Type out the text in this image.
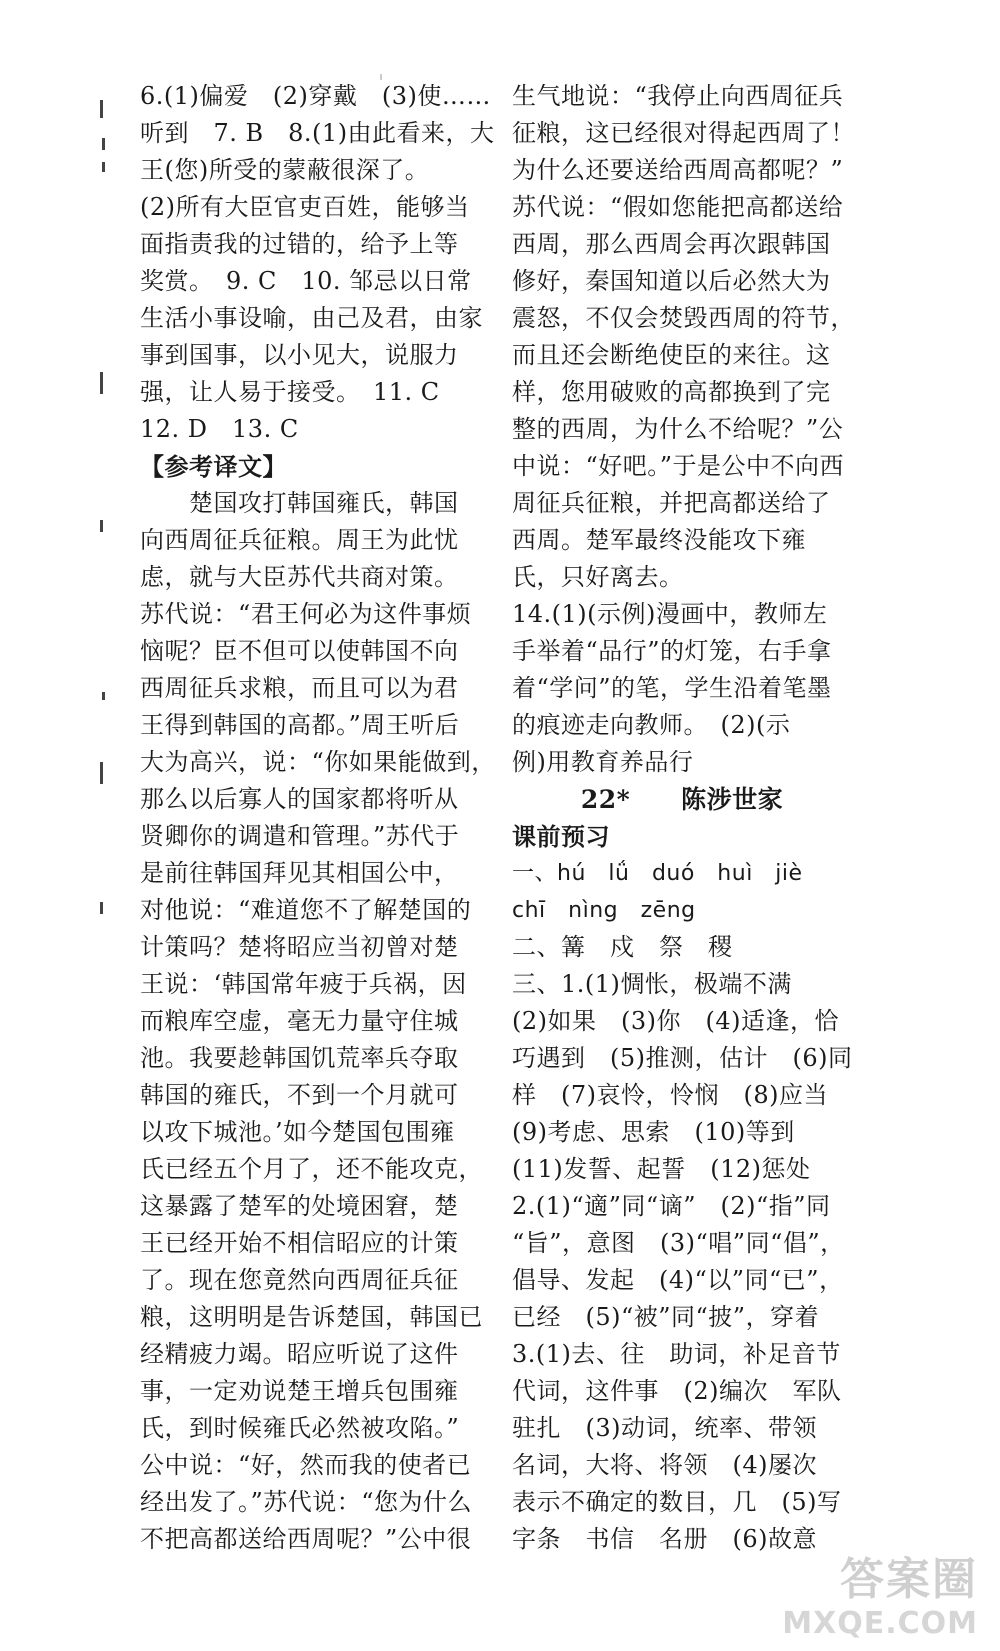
6.(1)偏爱　(2)穿戴　(3)使……
听到　7. B　8.(1)由此看来，大
王(您)所受的蒙蔽很深了。
(2)所有大臣官吏百姓，能够当
面指责我的过错的，给予上等
奖赏。　9. C　10. 邹忌以日常
生活小事设喻，由己及君，由家
事到国事，以小见大，说服力
强，让人易于接受。　11. C
12. D　13. C
【参考译文】
　　楚国攻打韩国雍氏，韩国
向西周征兵征粮。周王为此忧
虑，就与大臣苏代共商对策。
苏代说：“君王何必为这件事烦
恼呢？臣不但可以使韩国不向
西周征兵求粮，而且可以为君
王得到韩国的高都。”周王听后
大为高兴，说：“你如果能做到，
那么以后寡人的国家都将听从
贤卿你的调遣和管理。”苏代于
是前往韩国拜见其相国公中，
对他说：“难道您不了解楚国的
计策吗？楚将昭应当初曾对楚
王说：‘韩国常年疲于兵祸，因
而粮库空虚，毫无力量守住城
池。我要趁韩国饥荒率兵夺取
韩国的雍氏，不到一个月就可
以攻下城池。’如今楚国包围雍
氏已经五个月了，还不能攻克，
这暴露了楚军的处境困窘，楚
王已经开始不相信昭应的计策
了。现在您竟然向西周征兵征
粮，这明明是告诉楚国，韩国已
经精疲力竭。昭应听说了这件
事，一定劝说楚王增兵包围雍
氏，到时候雍氏必然被攻陷。”
公中说：“好，然而我的使者已
经出发了。”苏代说：“您为什么
不把高都送给西周呢？”公中很
生气地说：“我停止向西周征兵
征粮，这已经很对得起西周了！
为什么还要送给西周高都呢？”
苏代说：“假如您能把高都送给
西周，那么西周会再次跟韩国
修好，秦国知道以后必然大为
震怒，不仅会焚毁西周的符节，
而且还会断绝使臣的来往。这
样，您用破败的高都换到了完
整的西周，为什么不给呢？”公
中说：“好吧。”于是公中不向西
周征兵征粮，并把高都送给了
西周。楚军最终没能攻下雍
氏，只好离去。
14.(1)(示例)漫画中，教师左
手举着“品行”的灯笼，右手拿
着“学问”的笔，学生沿着笔墨
的痕迹走向教师。　(2)(示
例)用教育养品行
22*　　陈涉世家
课前预习
一、hú　lǘ　duó　huì　jiè
chī　nìng　zēng
二、篝　戍　祭　稷
三、1.(1)惆怅，极端不满
(2)如果　(3)你　(4)适逢，恰
巧遇到　(5)推测，估计　(6)同
样　(7)哀怜，怜悯　(8)应当
(9)考虑、思索　(10)等到
(11)发誓、起誓　(12)惩处
2.(1)“適”同“谪”　(2)“指”同
“旨”，意图　(3)“唱”同“倡”，
倡导、发起　(4)“以”同“已”，
已经　(5)“被”同“披”，穿着
3.(1)去、往　助词，补足音节
代词，这件事　(2)编次　军队
驻扎　(3)动词，统率、带领
名词，大将、将领　(4)屡次
表示不确定的数目，几　(5)写
字条　书信　名册　(6)故意
答案圈
MXQE.COM
